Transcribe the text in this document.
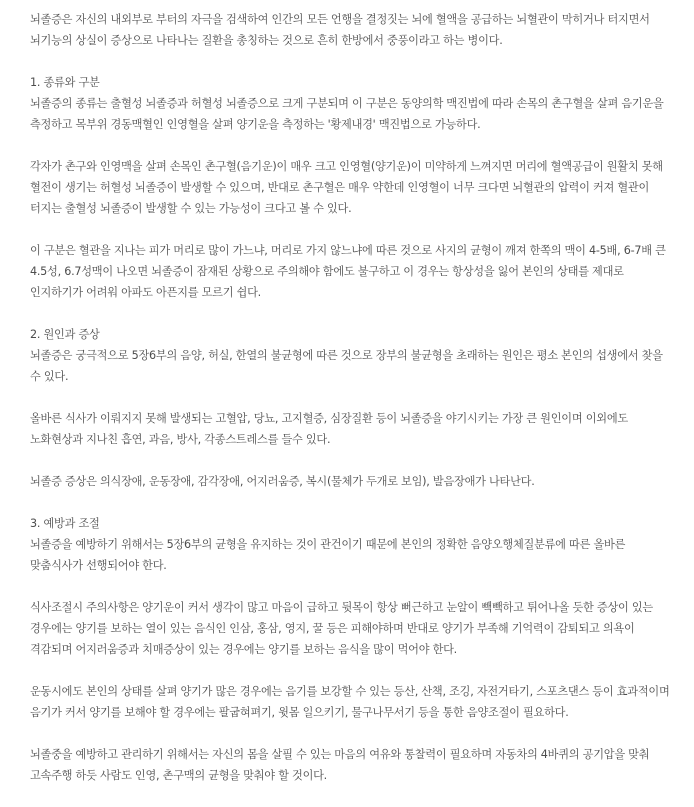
뇌졸증은 자신의 내외부로 부터의 자극을 검색하여 인간의 모든 언행을 결정짓는 뇌에 혈액을 공급하는 뇌혈관이 막히거나 터지면서 뇌기능의 상실이 증상으로 나타나는 질환을 총칭하는 것으로 흔히 한방에서 중풍이라고 하는 병이다.

1. 종류와 구분
뇌졸증의 종류는 출혈성 뇌졸증과 허혈성 뇌졸증으로 크게 구분되며 이 구분은 동양의학 맥진법에 따라 손목의 촌구혈을 살펴 음기운을 측정하고 목부위 경동맥혈인 인영혈을 살펴 양기운을 측정하는 '황제내경' 맥진법으로 가능하다.

각자가 촌구와 인영맥을 살펴 손목인 촌구혈(음기운)이 매우 크고 인영혈(양기운)이 미약하게 느껴지면 머리에 혈액공급이 원활치 못해 혈전이 생기는 허혈성 뇌졸증이 발생할 수 있으며, 반대로 촌구혈은 매우 약한데 인영혈이 너무 크다면 뇌혈관의 압력이 커져 혈관이 터지는 출혈성 뇌졸증이 발생할 수 있는 가능성이 크다고 볼 수 있다.

이 구분은 혈관을 지나는 피가 머리로 많이 가느냐, 머리로 가지 않느냐에 따른 것으로 사지의 균형이 깨져 한쪽의 맥이 4-5배, 6-7배 큰 4.5성, 6.7성맥이 나오면 뇌졸증이 잠재된 상황으로 주의해야 함에도 불구하고 이 경우는 항상성을 잃어 본인의 상태를 제대로 인지하기가 어려워 아파도 아픈지를 모르기 쉽다.

2. 원인과 증상
뇌졸증은 궁극적으로 5장6부의 음양, 허실, 한열의 불균형에 따른 것으로 장부의 불균형을 초래하는 원인은 평소 본인의 섭생에서 찾을 수 있다.

올바른 식사가 이뤄지지 못해 발생되는 고혈압, 당뇨, 고지혈증, 심장질환 등이 뇌졸증을 야기시키는 가장 큰 원인이며 이외에도 노화현상과 지나친 흡연, 과음, 방사, 각종스트레스를 들수 있다.

뇌졸증 증상은 의식장애, 운동장애, 감각장애, 어지러움증, 복시(물체가 두개로 보임), 발음장애가 나타난다.

3. 예방과 조절
뇌졸증을 예방하기 위해서는 5장6부의 균형을 유지하는 것이 관건이기 때문에 본인의 정확한 음양오행체질분류에 따른 올바른 맞춤식사가 선행되어야 한다.

식사조절시 주의사항은 양기운이 커서 생각이 많고 마음이 급하고 뒷목이 항상 뻐근하고 눈알이 빽빽하고 튀어나올 듯한 증상이 있는 경우에는 양기를 보하는 열이 있는 음식인 인삼, 홍삼, 영지, 꿀 등은 피해야하며 반대로 양기가 부족해 기억력이 감퇴되고 의욕이 격감되며 어지러움증과 치매증상이 있는 경우에는 양기를 보하는 음식을 많이 먹어야 한다.

운동시에도 본인의 상태를 살펴 양기가 많은 경우에는 음기를 보강할 수 있는 등산, 산책, 조깅, 자전거타기, 스포츠댄스 등이 효과적이며 음기가 커서 양기를 보해야 할 경우에는 팔굽혀펴기, 윗몸 일으키기, 물구나무서기 등을 통한 음양조절이 필요하다.

뇌졸중을 예방하고 관리하기 위해서는 자신의 몸을 살필 수 있는 마음의 여유와 통찰력이 필요하며 자동차의 4바퀴의 공기압을 맞춰 고속주행 하듯 사람도 인영, 촌구맥의 균형을 맞춰야 할 것이다.
